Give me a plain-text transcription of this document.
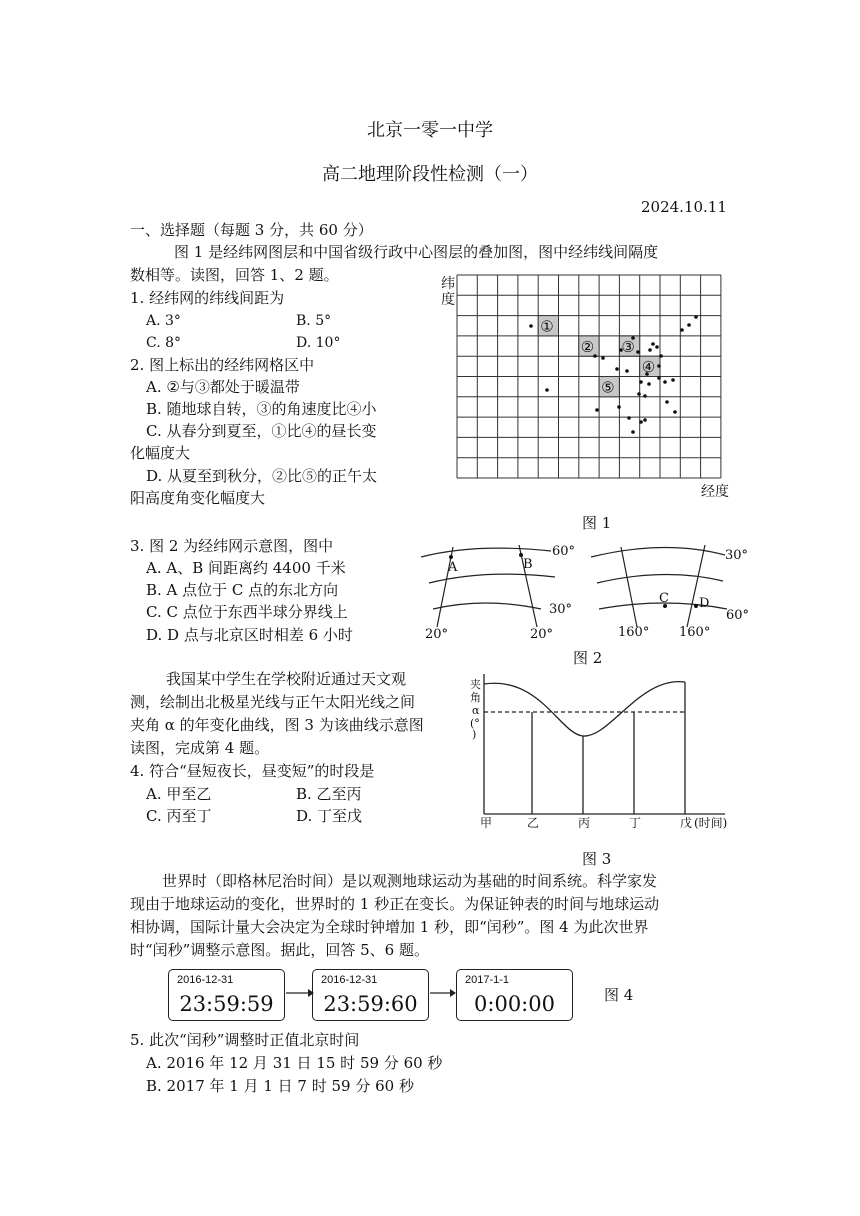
北京一零一中学
高二地理阶段性检测（一）
2024.10.11
一、选择题（每题 3 分，共 60 分）
图 1 是经纬网图层和中国省级行政中心图层的叠加图，图中经纬线间隔度
数相等。读图，回答 1、2 题。
1. 经纬网的纬线间距为
A. 3°	B. 5°
C. 8°	D. 10°
2. 图上标出的经纬网格区中
A. ②与③都处于暖温带
B. 随地球自转，③的角速度比④小
C. 从春分到夏至，①比④的昼长变
化幅度大
D. 从夏至到秋分，②比⑤的正午太
阳高度角变化幅度大
纬
度
经度
①
② ③
④
⑤
图 1
3. 图 2 为经纬网示意图，图中
A. A、B 间距离约 4400 千米
B. A 点位于 C 点的东北方向
C. C 点位于东西半球分界线上
D. D 点与北京区时相差 6 小时
60°
30°
20°	20°
A	B
30°
60°
160° 160°
C D
图 2
我国某中学生在学校附近通过天文观
测，绘制出北极星光线与正午太阳光线之间
夹角 α 的年变化曲线，图 3 为该曲线示意图
读图，完成第 4 题。
4. 符合“昼短夜长，昼变短”的时段是
A. 甲至乙	B. 乙至丙
C. 丙至丁	D. 丁至戊
夹
角
α
(°
)
甲	乙	丙	丁	戊 (时间)
图 3
世界时（即格林尼治时间）是以观测地球运动为基础的时间系统。科学家发
现由于地球运动的变化，世界时的 1 秒正在变长。为保证钟表的时间与地球运动
相协调，国际计量大会决定为全球时钟增加 1 秒，即“闰秒”。图 4 为此次世界
时“闰秒”调整示意图。据此，回答 5、6 题。
2016-12-31
23:59:59
2016-12-31
23:59:60
2017-1-1
0:00:00	图 4
5. 此次“闰秒”调整时正值北京时间
A. 2016 年 12 月 31 日 15 时 59 分 60 秒
B. 2017 年 1 月 1 日 7 时 59 分 60 秒
